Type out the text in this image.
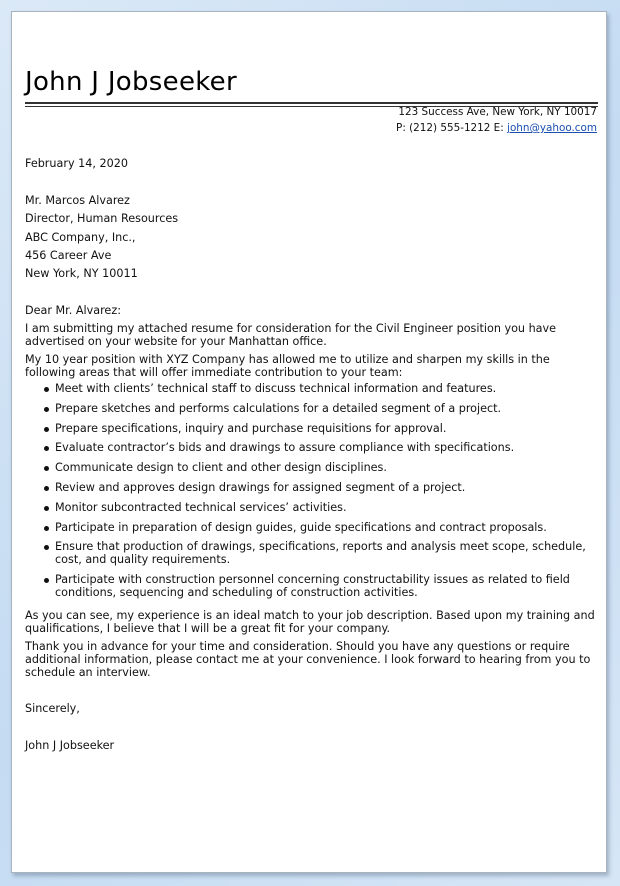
John J Jobseeker
123 Success Ave, New York, NY 10017
P: (212) 555-1212 E: john@yahoo.com
February 14, 2020
Mr. Marcos Alvarez
Director, Human Resources
ABC Company, Inc.,
456 Career Ave
New York, NY 10011
Dear Mr. Alvarez:
I am submitting my attached resume for consideration for the Civil Engineer position you have advertised on your website for your Manhattan office.
My 10 year position with XYZ Company has allowed me to utilize and sharpen my skills in the following areas that will offer immediate contribution to your team:
Meet with clients’ technical staff to discuss technical information and features.
Prepare sketches and performs calculations for a detailed segment of a project.
Prepare specifications, inquiry and purchase requisitions for approval.
Evaluate contractor’s bids and drawings to assure compliance with specifications.
Communicate design to client and other design disciplines.
Review and approves design drawings for assigned segment of a project.
Monitor subcontracted technical services’ activities.
Participate in preparation of design guides, guide specifications and contract proposals.
Ensure that production of drawings, specifications, reports and analysis meet scope, schedule, cost, and quality requirements.
Participate with construction personnel concerning constructability issues as related to field conditions, sequencing and scheduling of construction activities.
As you can see, my experience is an ideal match to your job description. Based upon my training and qualifications, I believe that I will be a great fit for your company.
Thank you in advance for your time and consideration. Should you have any questions or require additional information, please contact me at your convenience. I look forward to hearing from you to schedule an interview.
Sincerely,
John J Jobseeker
